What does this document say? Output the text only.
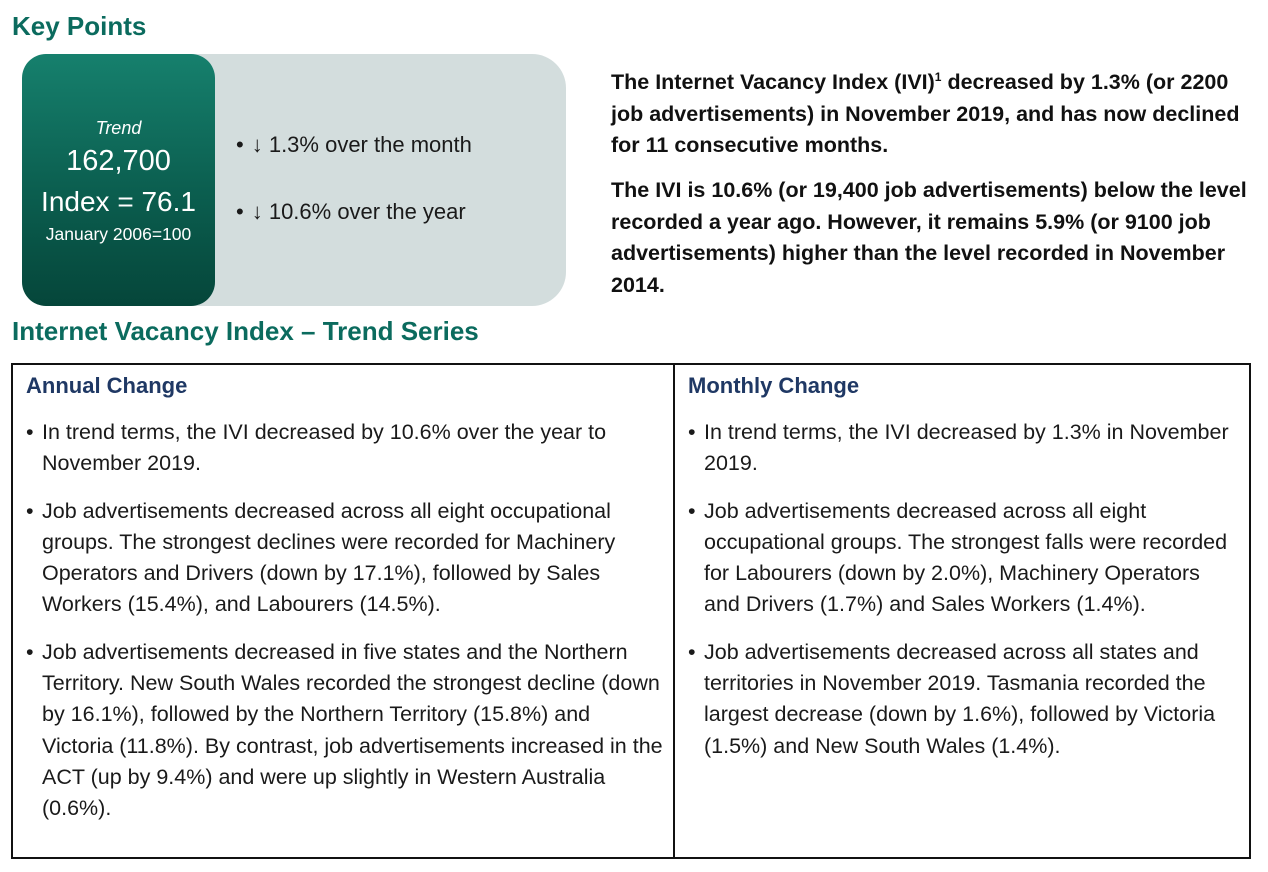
Key Points
Trend
162,700
Index = 76.1
January 2006=100
• ↓ 1.3% over the month
• ↓ 10.6% over the year

The Internet Vacancy Index (IVI)$^1$ decreased by 1.3% (or 2200 job advertisements) in November 2019, and has now declined for 11 consecutive months.

The IVI is 10.6% (or 19,400 job advertisements) below the level recorded a year ago. However, it remains 5.9% (or 9100 job advertisements) higher than the level recorded in November 2014.

Internet Vacancy Index – Trend Series
Annual Change
• In trend terms, the IVI decreased by 10.6% over the year to November 2019.
• Job advertisements decreased across all eight occupational groups. The strongest declines were recorded for Machinery Operators and Drivers (down by 17.1%), followed by Sales Workers (15.4%), and Labourers (14.5%).
• Job advertisements decreased in five states and the Northern Territory. New South Wales recorded the strongest decline (down by 16.1%), followed by the Northern Territory (15.8%) and Victoria (11.8%). By contrast, job advertisements increased in the ACT (up by 9.4%) and were up slightly in Western Australia (0.6%).
Monthly Change
• In trend terms, the IVI decreased by 1.3% in November 2019.
• Job advertisements decreased across all eight occupational groups. The strongest falls were recorded for Labourers (down by 2.0%), Machinery Operators and Drivers (1.7%) and Sales Workers (1.4%).
• Job advertisements decreased across all states and territories in November 2019. Tasmania recorded the largest decrease (down by 1.6%), followed by Victoria (1.5%) and New South Wales (1.4%).
